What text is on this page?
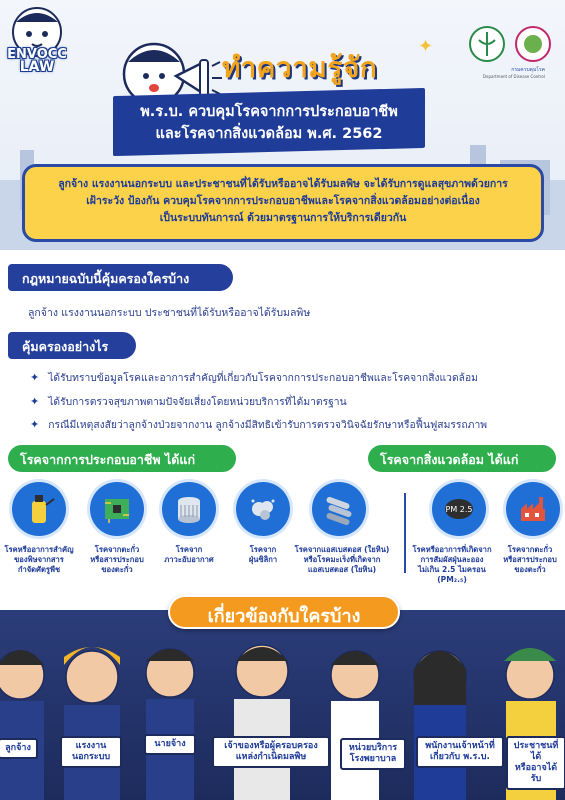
ENVOCC
LAW	กรมควบคุมโรค
Department of Disease Control
ทำความรู้จัก
✦
พ.ร.บ. ควบคุมโรคจากการประกอบอาชีพ
และโรคจากสิ่งแวดล้อม พ.ศ. 2562
ลูกจ้าง แรงงานนอกระบบ และประชาชนที่ได้รับหรืออาจได้รับมลพิษ จะได้รับการดูแลสุขภาพด้วยการ
เฝ้าระวัง ป้องกัน ควบคุมโรคจากการประกอบอาชีพและโรคจากสิ่งแวดล้อมอย่างต่อเนื่อง
เป็นระบบทันการณ์ ด้วยมาตรฐานการให้บริการเดียวกัน
กฎหมายฉบับนี้คุ้มครองใครบ้าง
ลูกจ้าง แรงงานนอกระบบ ประชาชนที่ได้รับหรืออาจได้รับมลพิษ
คุ้มครองอย่างไร
✦ ได้รับทราบข้อมูลโรคและอาการสำคัญที่เกี่ยวกับโรคจากการประกอบอาชีพและโรคจากสิ่งแวดล้อม
✦ ได้รับการตรวจสุขภาพตามปัจจัยเสี่ยงโดยหน่วยบริการที่ได้มาตรฐาน
✦ กรณีมีเหตุสงสัยว่าลูกจ้างป่วยจากงาน ลูกจ้างมีสิทธิเข้ารับการตรวจวินิจฉัยรักษาหรือฟื้นฟูสมรรถภาพ
โรคจากการประกอบอาชีพ ได้แก่	โรคจากสิ่งแวดล้อม ได้แก่
PM 2.5
โรคหรืออาการสำคัญ
ของพิษจากสาร
กำจัดศัตรูพืช
โรคจากตะกั่ว
หรือสารประกอบ
ของตะกั่ว
โรคจาก
ภาวะอับอากาศ
โรคจาก
ฝุ่นซิลิกา
โรคจากแอสเบสตอส (ใยหิน)
หรือโรคมะเร็งที่เกิดจาก
แอสเบสตอส (ใยหิน)
โรคหรืออาการที่เกิดจาก
การสัมผัสฝุ่นละออง
ไม่เกิน 2.5 ไมครอน
(PM₂.₅)
โรคจากตะกั่ว
หรือสารประกอบ
ของตะกั่ว
ลูกจ้าง	แรงงาน
นอกระบบ
นายจ้าง	เจ้าของหรือผู้ครอบครอง
แหล่งกำเนิดมลพิษ
หน่วยบริการ
โรงพยาบาล
พนักงานเจ้าหน้าที่
เกี่ยวกับ พ.ร.บ.
ประชาชนที่ได้
หรืออาจได้รับ
เกี่ยวข้องกับใครบ้าง
